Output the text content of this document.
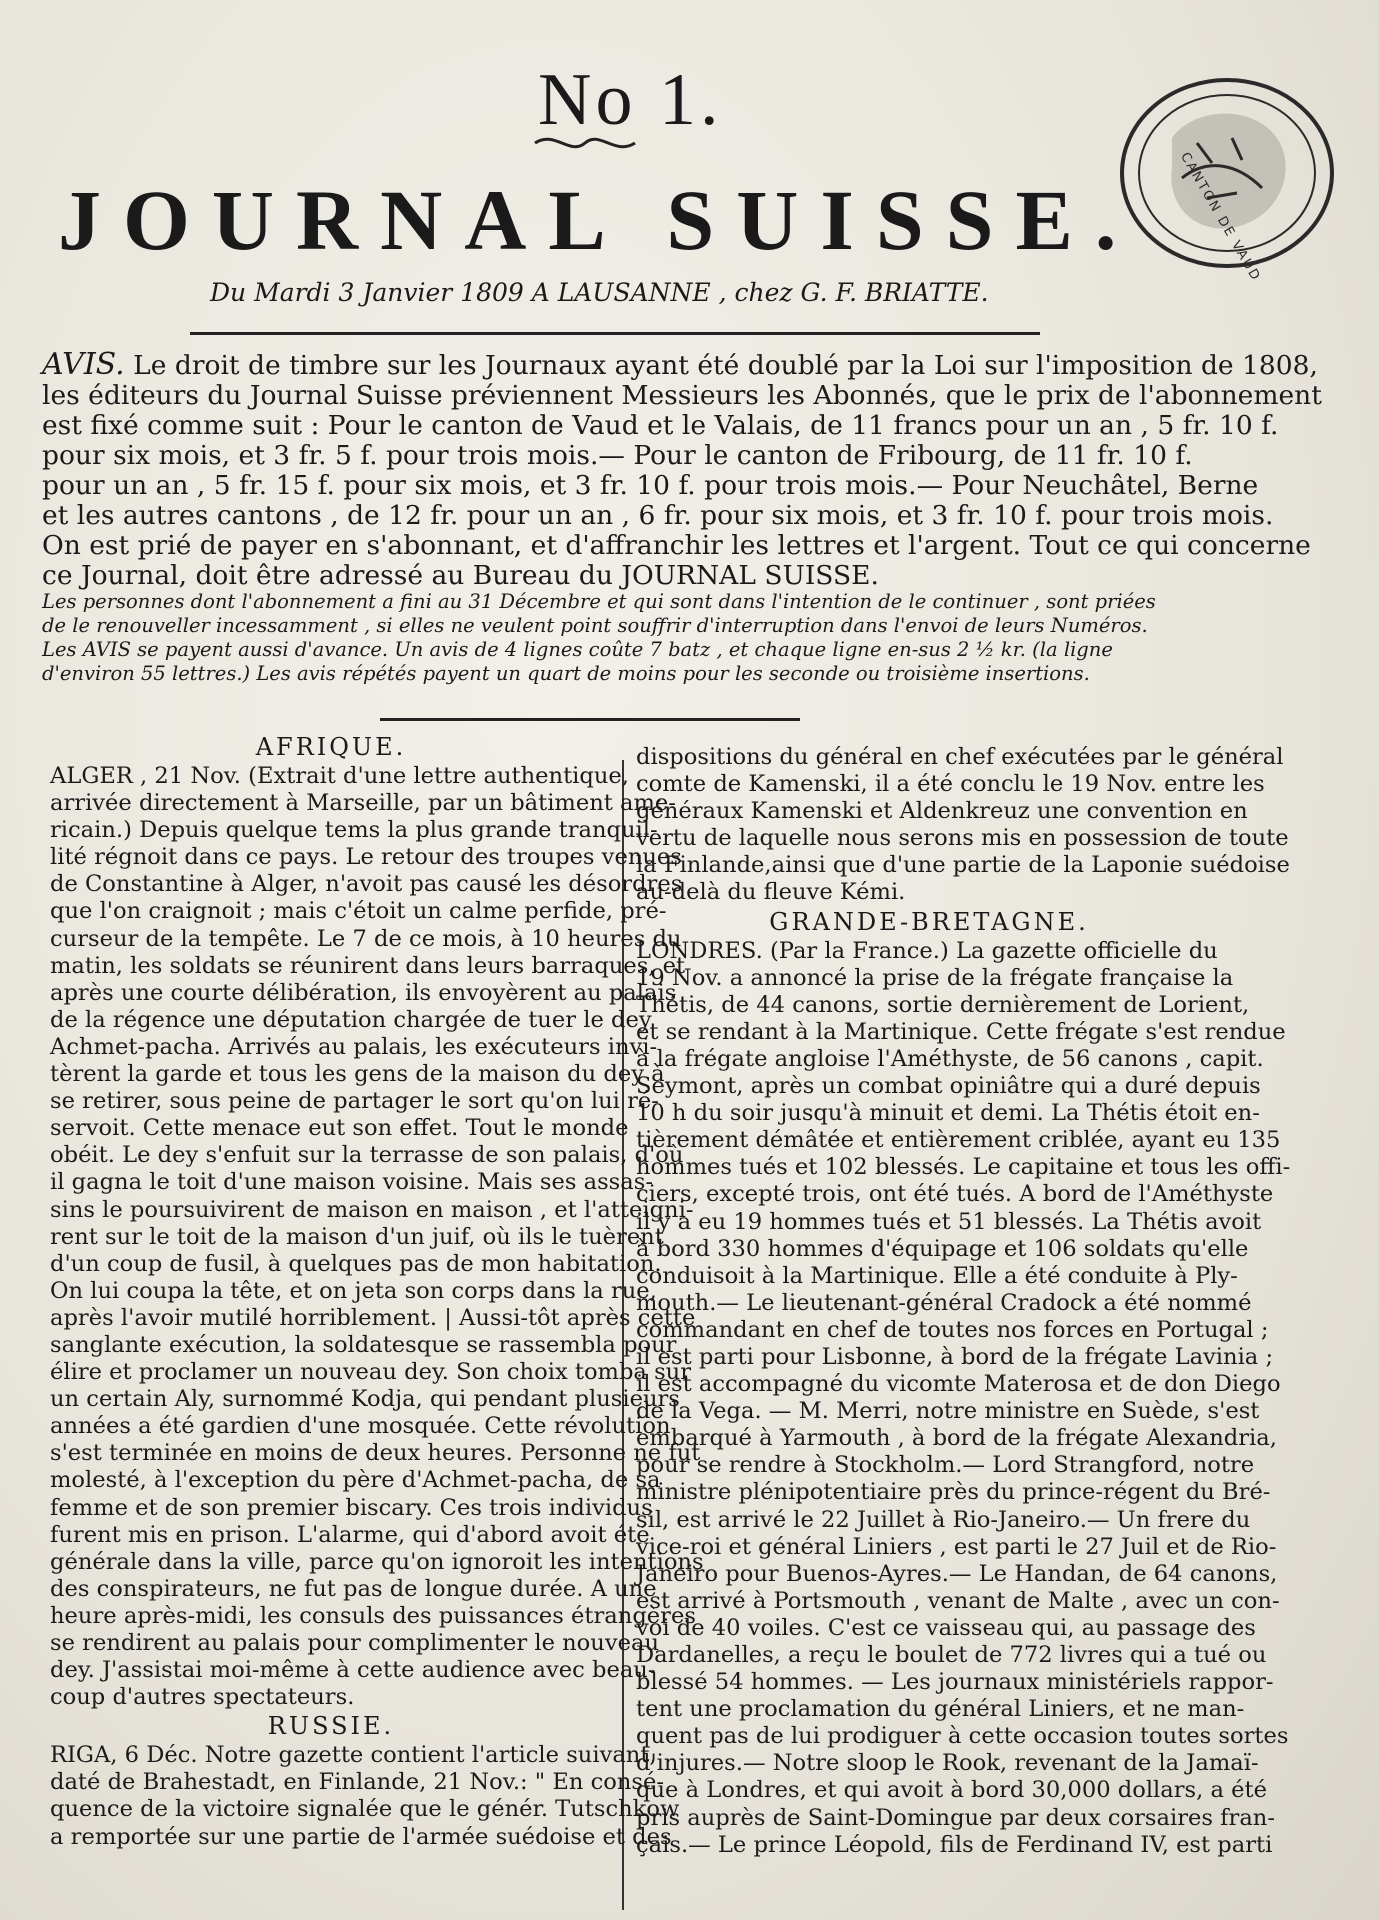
No 1.
JOURNAL SUISSE.	CANTON DE VAUD
Du Mardi 3 Janvier 1809 A LAUSANNE , chez G. F. BRIATTE.
AVIS. Le droit de timbre sur les Journaux ayant été doublé par la Loi sur l'imposition de 1808,
les éditeurs du Journal Suisse préviennent Messieurs les Abonnés, que le prix de l'abonnement
est fixé comme suit : Pour le canton de Vaud et le Valais, de 11 francs pour un an , 5 fr. 10 f.
pour six mois, et 3 fr. 5 f. pour trois mois.— Pour le canton de Fribourg, de 11 fr. 10 f.
pour un an , 5 fr. 15 f. pour six mois, et 3 fr. 10 f. pour trois mois.— Pour Neuchâtel, Berne
et les autres cantons , de 12 fr. pour un an , 6 fr. pour six mois, et 3 fr. 10 f. pour trois mois.
On est prié de payer en s'abonnant, et d'affranchir les lettres et l'argent. Tout ce qui concerne
ce Journal, doit être adressé au Bureau du JOURNAL SUISSE.
Les personnes dont l'abonnement a fini au 31 Décembre et qui sont dans l'intention de le continuer , sont priées
de le renouveller incessamment , si elles ne veulent point souffrir d'interruption dans l'envoi de leurs Numéros.
Les AVIS se payent aussi d'avance. Un avis de 4 lignes coûte 7 batz , et chaque ligne en-sus 2 ½ kr. (la ligne
d'environ 55 lettres.) Les avis répétés payent un quart de moins pour les seconde ou troisième insertions.
AFRIQUE.
ALGER , 21 Nov. (Extrait d'une lettre authentique,
arrivée directement à Marseille, par un bâtiment ame-
ricain.) Depuis quelque tems la plus grande tranquil-
lité régnoit dans ce pays. Le retour des troupes venues
de Constantine à Alger, n'avoit pas causé les désordres
que l'on craignoit ; mais c'étoit un calme perfide, pré-
curseur de la tempête. Le 7 de ce mois, à 10 heures du
matin, les soldats se réunirent dans leurs barraques, et
après une courte délibération, ils envoyèrent au palais
de la régence une députation chargée de tuer le dey
Achmet-pacha. Arrivés au palais, les exécuteurs invi-
tèrent la garde et tous les gens de la maison du dey à
se retirer, sous peine de partager le sort qu'on lui ré-
servoit. Cette menace eut son effet. Tout le monde
obéit. Le dey s'enfuit sur la terrasse de son palais, d'où
il gagna le toit d'une maison voisine. Mais ses assas-
sins le poursuivirent de maison en maison , et l'atteigni-
rent sur le toit de la maison d'un juif, où ils le tuèrent
d'un coup de fusil, à quelques pas de mon habitation.
On lui coupa la tête, et on jeta son corps dans la rue,
après l'avoir mutilé horriblement. | Aussi-tôt après cette
sanglante exécution, la soldatesque se rassembla pour
élire et proclamer un nouveau dey. Son choix tomba sur
un certain Aly, surnommé Kodja, qui pendant plusieurs
années a été gardien d'une mosquée. Cette révolution
s'est terminée en moins de deux heures. Personne ne fut
molesté, à l'exception du père d'Achmet-pacha, de sa
femme et de son premier biscary. Ces trois individus
furent mis en prison. L'alarme, qui d'abord avoit été
générale dans la ville, parce qu'on ignoroit les intentions
des conspirateurs, ne fut pas de longue durée. A une
heure après-midi, les consuls des puissances étrangères
se rendirent au palais pour complimenter le nouveau
dey. J'assistai moi-même à cette audience avec beau-
coup d'autres spectateurs.
RUSSIE.
RIGA, 6 Déc. Notre gazette contient l'article suivant,
daté de Brahestadt, en Finlande, 21 Nov.: " En consé-
quence de la victoire signalée que le génér. Tutschkow
a remportée sur une partie de l'armée suédoise et des
dispositions du général en chef exécutées par le général
comte de Kamenski, il a été conclu le 19 Nov. entre les
généraux Kamenski et Aldenkreuz une convention en
vertu de laquelle nous serons mis en possession de toute
la Finlande,ainsi que d'une partie de la Laponie suédoise
au-delà du fleuve Kémi.
GRANDE-BRETAGNE.
LONDRES. (Par la France.) La gazette officielle du
19 Nov. a annoncé la prise de la frégate française la
Thétis, de 44 canons, sortie dernièrement de Lorient,
et se rendant à la Martinique. Cette frégate s'est rendue
à la frégate angloise l'Améthyste, de 56 canons , capit.
Seymont, après un combat opiniâtre qui a duré depuis
10 h du soir jusqu'à minuit et demi. La Thétis étoit en-
tièrement démâtée et entièrement criblée, ayant eu 135
hommes tués et 102 blessés. Le capitaine et tous les offi-
ciers, excepté trois, ont été tués. A bord de l'Améthyste
il y a eu 19 hommes tués et 51 blessés. La Thétis avoit
à bord 330 hommes d'équipage et 106 soldats qu'elle
conduisoit à la Martinique. Elle a été conduite à Ply-
mouth.— Le lieutenant-général Cradock a été nommé
commandant en chef de toutes nos forces en Portugal ;
il est parti pour Lisbonne, à bord de la frégate Lavinia ;
il est accompagné du vicomte Materosa et de don Diego
de la Vega. — M. Merri, notre ministre en Suède, s'est
embarqué à Yarmouth , à bord de la frégate Alexandria,
pour se rendre à Stockholm.— Lord Strangford, notre
ministre plénipotentiaire près du prince-régent du Bré-
sil, est arrivé le 22 Juillet à Rio-Janeiro.— Un frere du
vice-roi et général Liniers , est parti le 27 Juil et de Rio-
Janeiro pour Buenos-Ayres.— Le Handan, de 64 canons,
est arrivé à Portsmouth , venant de Malte , avec un con-
voi de 40 voiles. C'est ce vaisseau qui, au passage des
Dardanelles, a reçu le boulet de 772 livres qui a tué ou
blessé 54 hommes. — Les journaux ministériels rappor-
tent une proclamation du général Liniers, et ne man-
quent pas de lui prodiguer à cette occasion toutes sortes
d'injures.— Notre sloop le Rook, revenant de la Jamaï-
que à Londres, et qui avoit à bord 30,000 dollars, a été
pris auprès de Saint-Domingue par deux corsaires fran-
çais.— Le prince Léopold, fils de Ferdinand IV, est parti
